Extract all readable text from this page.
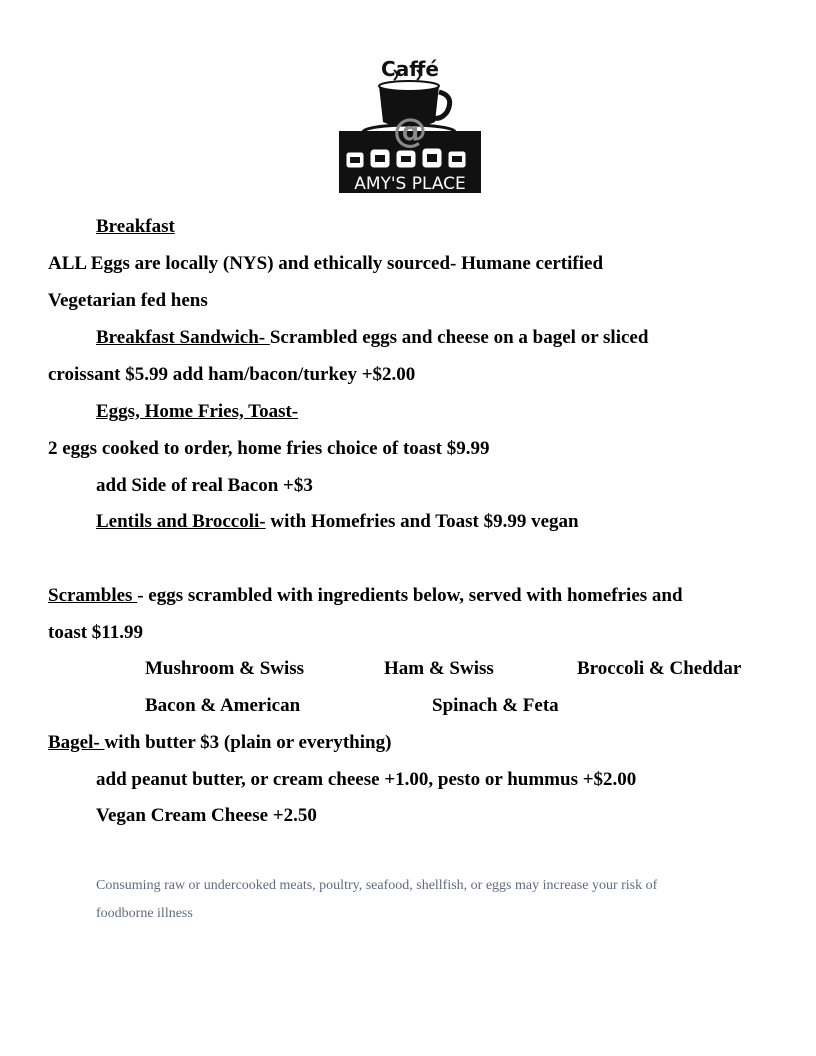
Caffé
@
AMY'S PLACE
Breakfast
ALL Eggs are locally (NYS) and ethically sourced- Humane certified
Vegetarian fed hens
Breakfast Sandwich- Scrambled eggs and cheese on a bagel or sliced
croissant $5.99 add ham/bacon/turkey +$2.00
Eggs, Home Fries, Toast-
2 eggs cooked to order, home fries choice of toast $9.99
add Side of real Bacon +$3
Lentils and Broccoli- with Homefries and Toast $9.99 vegan
Scrambles - eggs scrambled with ingredients below, served with homefries and
toast $11.99
Mushroom & Swiss	Ham & Swiss	Broccoli & Cheddar
Bacon & American	Spinach & Feta
Bagel- with butter $3 (plain or everything)
add peanut butter, or cream cheese +1.00, pesto or hummus +$2.00
Vegan Cream Cheese +2.50
Consuming raw or undercooked meats, poultry, seafood, shellfish, or eggs may increase your risk of
foodborne illness
